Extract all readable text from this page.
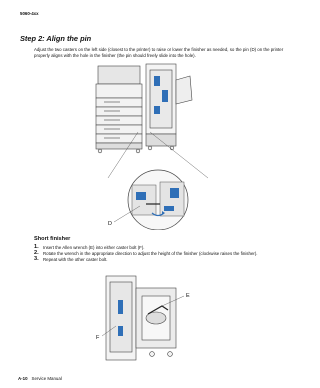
5060-4xx
Step 2: Align the pin

Adjust the two casters on the left side (closest to the printer) to raise or lower the finisher as needed, so the pin (D) on the printer properly aligns with the hole in the finisher (the pin should freely slide into the hole).

D
Short finisher
1. Insert the Allen wrench (E) into either caster bolt (F).
2. Rotate the wrench in the appropriate direction to adjust the height of the finisher (clockwise raises the finisher).
3. Repeat with the other caster bolt.
E
F
A-10 Service Manual
